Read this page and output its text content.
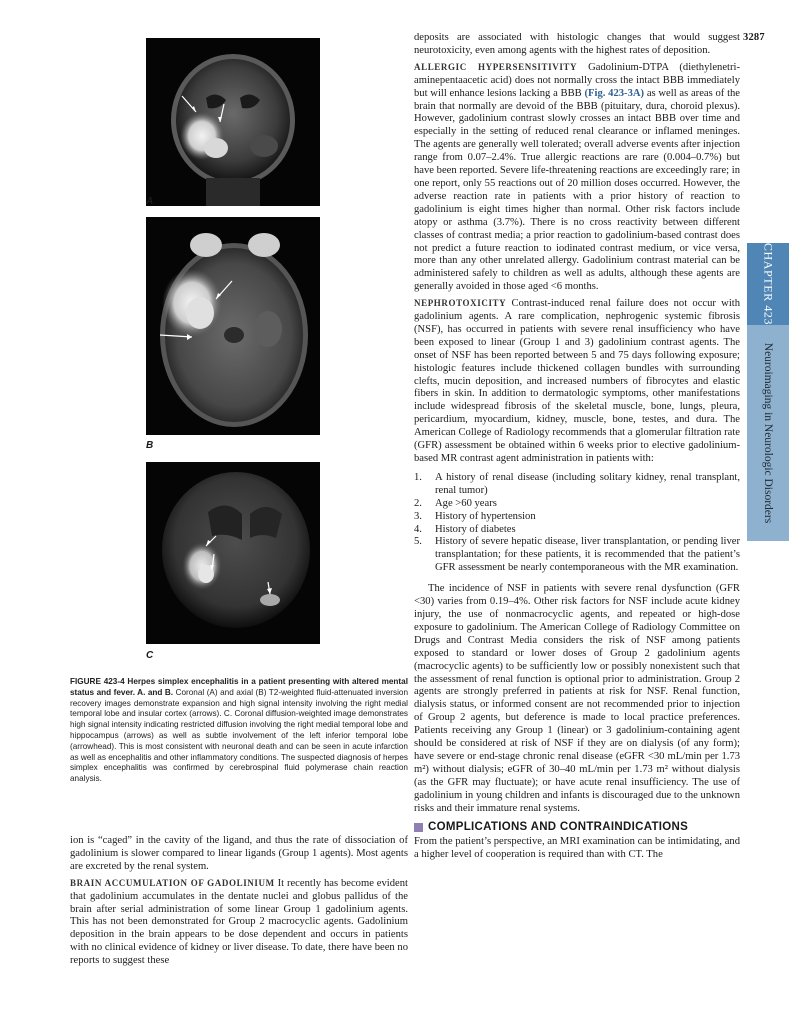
3287
CHAPTER 423
Neuroimaging in Neurologic Disorders
A
B
C
FIGURE 423-4 Herpes simplex encephalitis in a patient presenting with altered mental status and fever. A. and B. Coronal (A) and axial (B) T2-weighted fluid-attenuated inversion recovery images demonstrate expansion and high signal intensity involving the right medial temporal lobe and insular cortex (arrows). C. Coronal diffusion-weighted image demonstrates high signal intensity indicating restricted diffusion involving the right medial temporal lobe and hippocampus (arrows) as well as subtle involvement of the left inferior temporal lobe (arrowhead). This is most consistent with neuronal death and can be seen in acute infarction as well as encephalitis and other inflammatory conditions. The suspected diagnosis of herpes simplex encephalitis was confirmed by cerebrospinal fluid polymerase chain reaction analysis.

ion is “caged” in the cavity of the ligand, and thus the rate of dissociation of gadolinium is slower compared to linear ligands (Group 1 agents). Most agents are excreted by the renal system.

BRAIN ACCUMULATION OF GADOLINIUM It recently has become evident that gadolinium accumulates in the dentate nuclei and globus pallidus of the brain after serial administration of some linear Group 1 gadolinium agents. This has not been demonstrated for Group 2 macrocyclic agents. Gadolinium deposition in the brain appears to be dose dependent and occurs in patients with no clinical evidence of kidney or liver disease. To date, there have been no reports to suggest these

deposits are associated with histologic changes that would suggest neurotoxicity, even among agents with the highest rates of deposition.

ALLERGIC HYPERSENSITIVITY Gadolinium-DTPA (diethylenetri-aminepentaacetic acid) does not normally cross the intact BBB immediately but will enhance lesions lacking a BBB (Fig. 423-3A) as well as areas of the brain that normally are devoid of the BBB (pituitary, dura, choroid plexus). However, gadolinium contrast slowly crosses an intact BBB over time and especially in the setting of reduced renal clearance or inflamed meninges. The agents are generally well tolerated; overall adverse events after injection range from 0.07–2.4%. True allergic reactions are rare (0.004–0.7%) but have been reported. Severe life-threatening reactions are exceedingly rare; in one report, only 55 reactions out of 20 million doses occurred. However, the adverse reaction rate in patients with a prior history of reaction to gadolinium is eight times higher than normal. Other risk factors include atopy or asthma (3.7%). There is no cross reactivity between different classes of contrast media; a prior reaction to gadolinium-based contrast does not predict a future reaction to iodinated contrast medium, or vice versa, more than any other unrelated allergy. Gadolinium contrast material can be administered safely to children as well as adults, although these agents are generally avoided in those aged <6 months.

NEPHROTOXICITY Contrast-induced renal failure does not occur with gadolinium agents. A rare complication, nephrogenic systemic fibrosis (NSF), has occurred in patients with severe renal insufficiency who have been exposed to linear (Group 1 and 3) gadolinium contrast agents. The onset of NSF has been reported between 5 and 75 days following exposure; histologic features include thickened collagen bundles with surrounding clefts, mucin deposition, and increased numbers of fibrocytes and elastic fibers in skin. In addition to dermatologic symptoms, other manifestations include widespread fibrosis of the skeletal muscle, bone, lungs, pleura, pericardium, myocardium, kidney, muscle, bone, testes, and dura. The American College of Radiology recommends that a glomerular filtration rate (GFR) assessment be obtained within 6 weeks prior to elective gadolinium-based MR contrast agent administration in patients with:

1.	A history of renal disease (including solitary kidney, renal transplant, renal tumor)
2.	Age >60 years
3.	History of hypertension
4.	History of diabetes
5.	History of severe hepatic disease, liver transplantation, or pending liver transplantation; for these patients, it is recommended that the patient’s GFR assessment be nearly contemporaneous with the MR examination.

The incidence of NSF in patients with severe renal dysfunction (GFR <30) varies from 0.19–4%. Other risk factors for NSF include acute kidney injury, the use of nonmacrocyclic agents, and repeated or high-dose exposure to gadolinium. The American College of Radiology Committee on Drugs and Contrast Media considers the risk of NSF among patients exposed to standard or lower doses of Group 2 gadolinium agents (macrocyclic agents) to be sufficiently low or possibly nonexistent such that the assessment of renal function is optional prior to administration. Group 2 agents are strongly preferred in patients at risk for NSF. Renal function, dialysis status, or informed consent are not recommended prior to injection of Group 2 agents, but deference is made to local practice preferences. Patients receiving any Group 1 (linear) or 3 gadolinium-containing agent should be considered at risk of NSF if they are on dialysis (of any form); have severe or end-stage chronic renal disease (eGFR <30 mL/min per 1.73 m²) without dialysis; eGFR of 30–40 mL/min per 1.73 m² without dialysis (as the GFR may fluctuate); or have acute renal insufficiency. The use of gadolinium in young children and infants is discouraged due to the unknown risks and their immature renal systems.

COMPLICATIONS AND CONTRAINDICATIONS

From the patient’s perspective, an MRI examination can be intimidating, and a higher level of cooperation is required than with CT. The
